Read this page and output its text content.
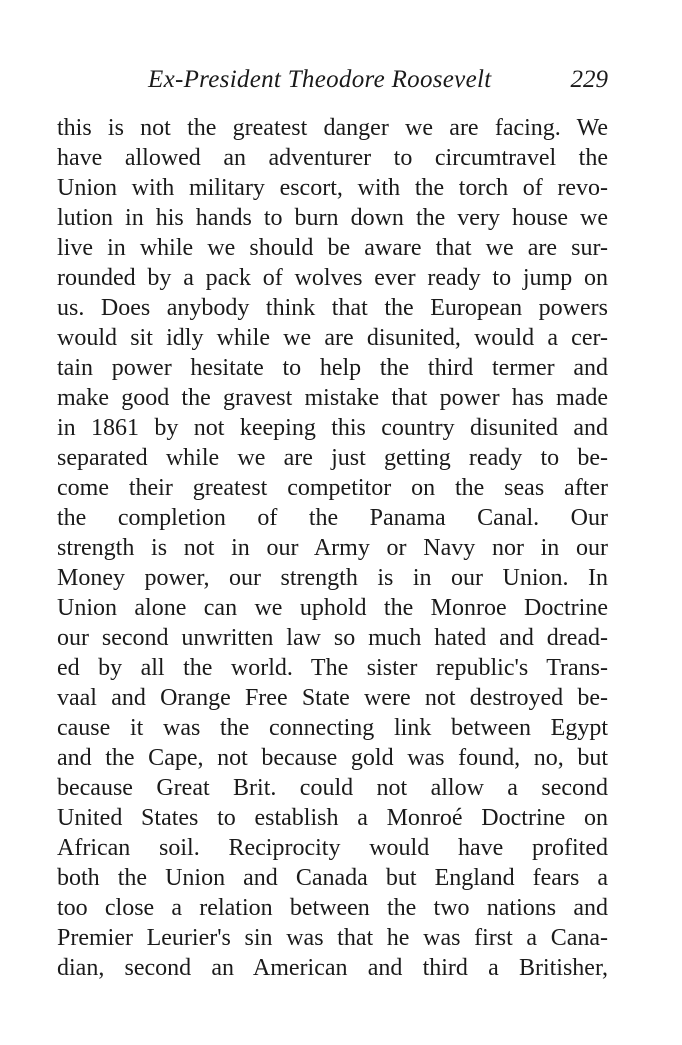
Ex-President Theodore Roosevelt	229
this is not the greatest danger we are facing. We
have allowed an adventurer to circumtravel the
Union with military escort, with the torch of revo-
lution in his hands to burn down the very house we
live in while we should be aware that we are sur-
rounded by a pack of wolves ever ready to jump on
us. Does anybody think that the European powers
would sit idly while we are disunited, would a cer-
tain power hesitate to help the third termer and
make good the gravest mistake that power has made
in 1861 by not keeping this country disunited and
separated while we are just getting ready to be-
come their greatest competitor on the seas after
the completion of the Panama Canal. Our
strength is not in our Army or Navy nor in our
Money power, our strength is in our Union. In
Union alone can we uphold the Monroe Doctrine
our second unwritten law so much hated and dread-
ed by all the world. The sister republic's Trans-
vaal and Orange Free State were not destroyed be-
cause it was the connecting link between Egypt
and the Cape, not because gold was found, no, but
because Great Brit. could not allow a second
United States to establish a Monroé Doctrine on
African soil. Reciprocity would have profited
both the Union and Canada but England fears a
too close a relation between the two nations and
Premier Leurier's sin was that he was first a Cana-
dian, second an American and third a Britisher,
